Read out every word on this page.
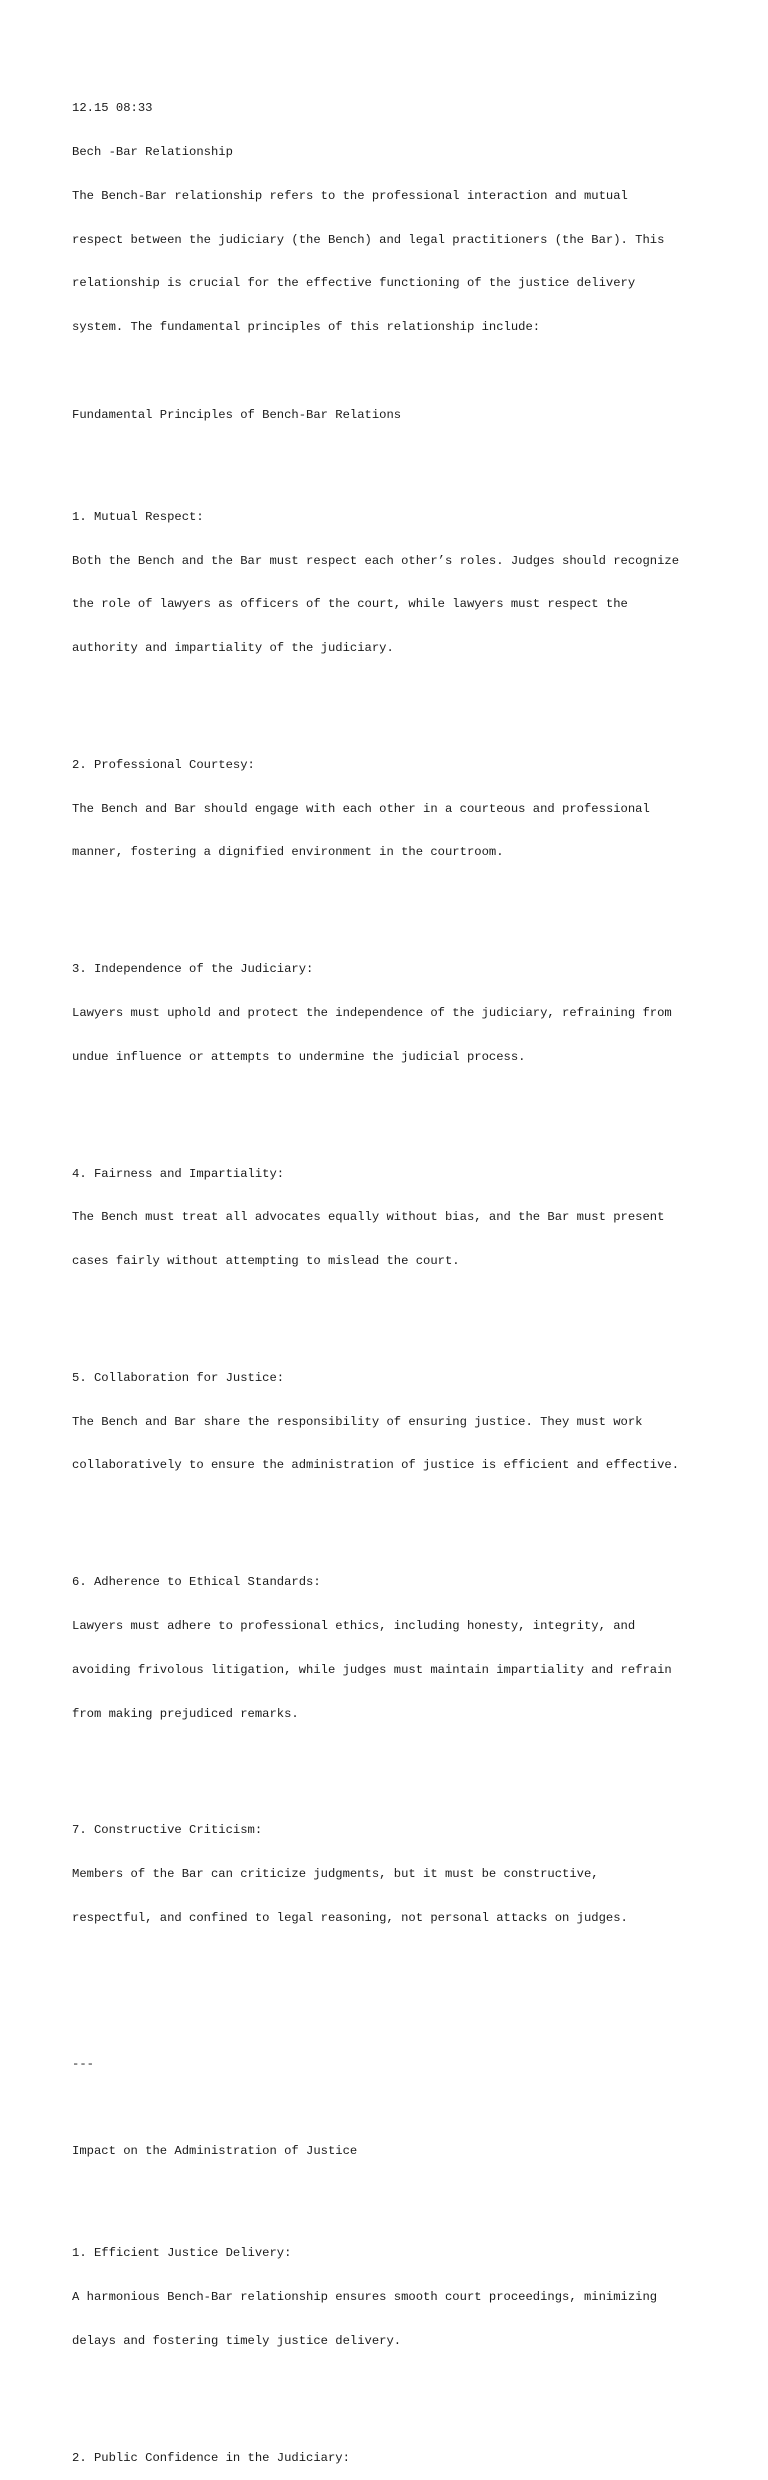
12.15 08:33

Bech -Bar Relationship

The Bench-Bar relationship refers to the professional interaction and mutual

respect between the judiciary (the Bench) and legal practitioners (the Bar). This

relationship is crucial for the effective functioning of the justice delivery

system. The fundamental principles of this relationship include:

Fundamental Principles of Bench-Bar Relations

1. Mutual Respect:

Both the Bench and the Bar must respect each other’s roles. Judges should recognize

the role of lawyers as officers of the court, while lawyers must respect the

authority and impartiality of the judiciary.

2. Professional Courtesy:

The Bench and Bar should engage with each other in a courteous and professional

manner, fostering a dignified environment in the courtroom.

3. Independence of the Judiciary:

Lawyers must uphold and protect the independence of the judiciary, refraining from

undue influence or attempts to undermine the judicial process.

4. Fairness and Impartiality:

The Bench must treat all advocates equally without bias, and the Bar must present

cases fairly without attempting to mislead the court.

5. Collaboration for Justice:

The Bench and Bar share the responsibility of ensuring justice. They must work

collaboratively to ensure the administration of justice is efficient and effective.

6. Adherence to Ethical Standards:

Lawyers must adhere to professional ethics, including honesty, integrity, and

avoiding frivolous litigation, while judges must maintain impartiality and refrain

from making prejudiced remarks.

7. Constructive Criticism:

Members of the Bar can criticize judgments, but it must be constructive,

respectful, and confined to legal reasoning, not personal attacks on judges.

---

Impact on the Administration of Justice

1. Efficient Justice Delivery:

A harmonious Bench-Bar relationship ensures smooth court proceedings, minimizing

delays and fostering timely justice delivery.

2. Public Confidence in the Judiciary:
